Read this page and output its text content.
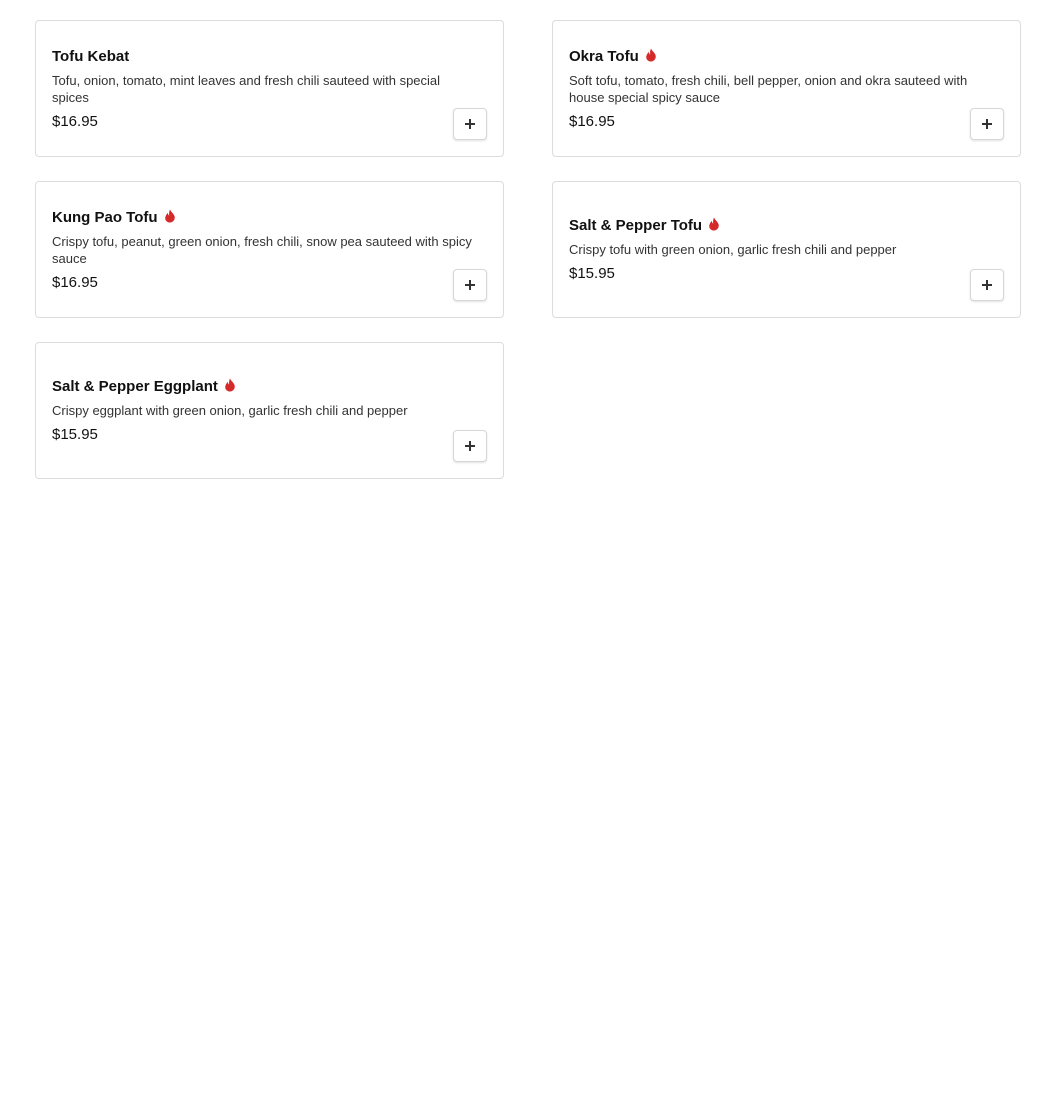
Tofu Kebat
Tofu, onion, tomato, mint leaves and fresh chili sauteed with special spices
$16.95
Okra Tofu
Soft tofu, tomato, fresh chili, bell pepper, onion and okra sauteed with house special spicy sauce
$16.95
Kung Pao Tofu
Crispy tofu, peanut, green onion, fresh chili, snow pea sauteed with spicy sauce
$16.95
Salt & Pepper Tofu
Crispy tofu with green onion, garlic fresh chili and pepper
$15.95
Salt & Pepper Eggplant
Crispy eggplant with green onion, garlic fresh chili and pepper
$15.95
